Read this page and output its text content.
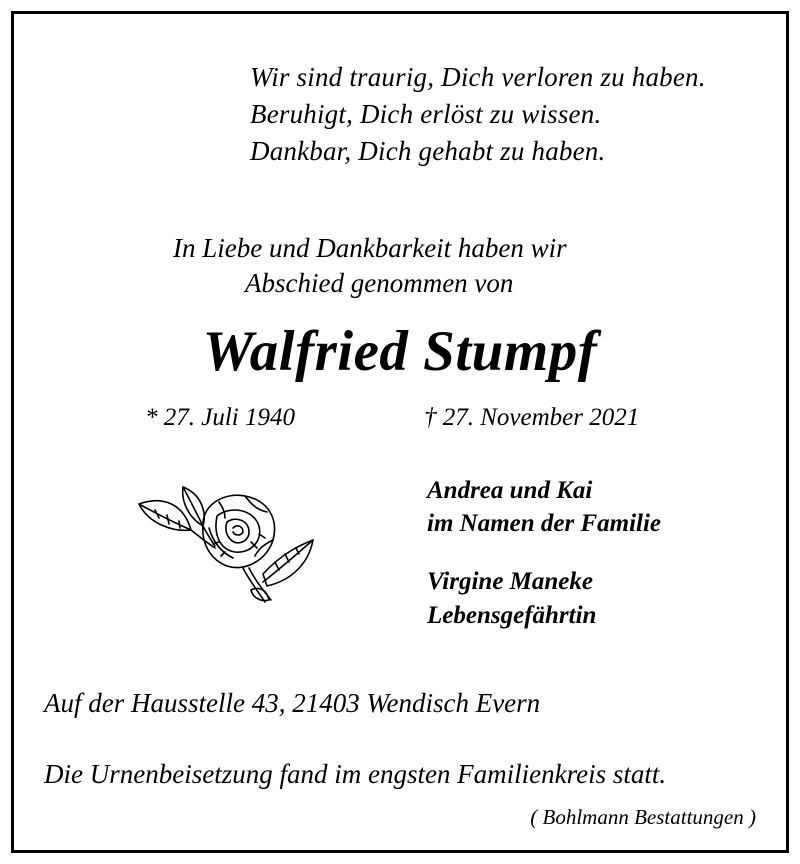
Wir sind traurig, Dich verloren zu haben.
Beruhigt, Dich erlöst zu wissen.
Dankbar, Dich gehabt zu haben.
In Liebe und Dankbarkeit haben wir
Abschied genommen von
Walfried Stumpf
* 27. Juli 1940	† 27. November 2021
Andrea und Kai
im Namen der Familie
Virgine Maneke
Lebensgefährtin
Auf der Hausstelle 43, 21403 Wendisch Evern
Die Urnenbeisetzung fand im engsten Familienkreis statt.
( Bohlmann Bestattungen )
